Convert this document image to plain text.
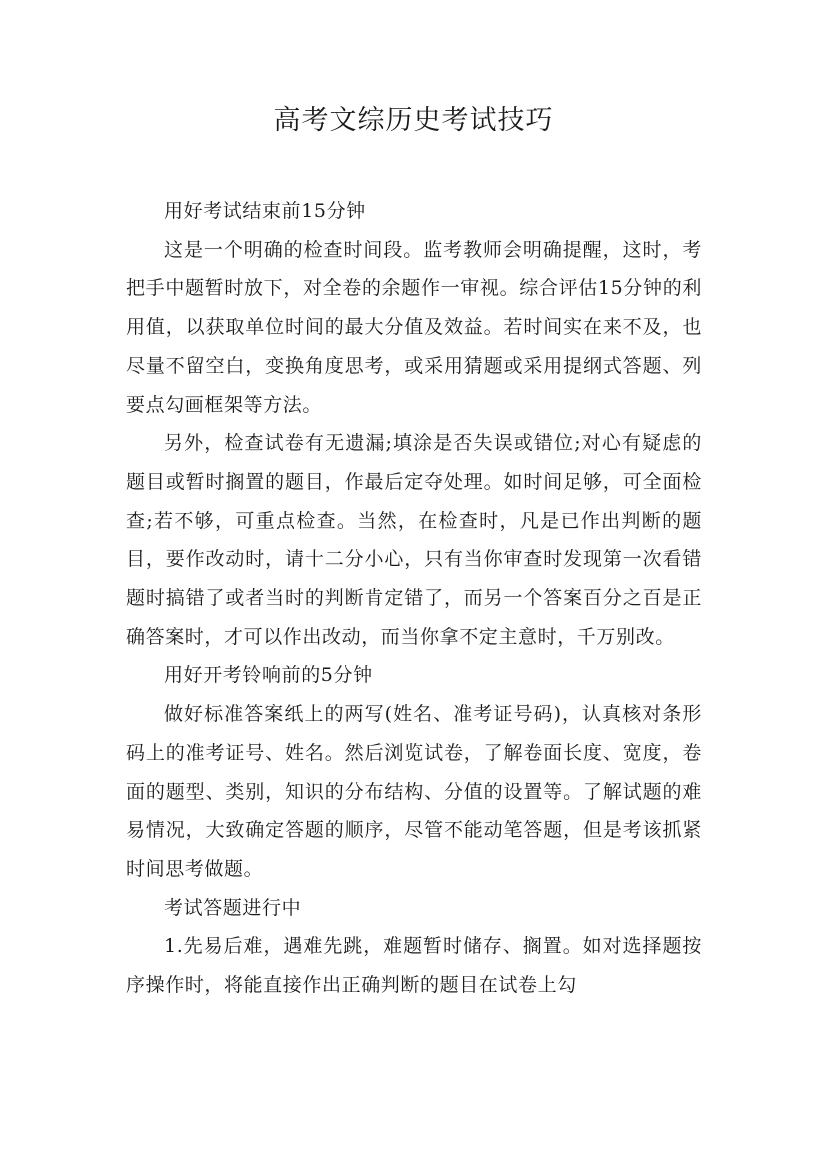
高考文综历史考试技巧

用好考试结束前15分钟

这是一个明确的检查时间段。监考教师会明确提醒，这时，考把手中题暂时放下，对全卷的余题作一审视。综合评估15分钟的利用值，以获取单位时间的最大分值及效益。若时间实在来不及，也尽量不留空白，变换角度思考，或采用猜题或采用提纲式答题、列要点勾画框架等方法。

另外，检查试卷有无遗漏;填涂是否失误或错位;对心有疑虑的题目或暂时搁置的题目，作最后定夺处理。如时间足够，可全面检查;若不够，可重点检查。当然，在检查时，凡是已作出判断的题目，要作改动时，请十二分小心，只有当你审查时发现第一次看错题时搞错了或者当时的判断肯定错了，而另一个答案百分之百是正确答案时，才可以作出改动，而当你拿不定主意时，千万别改。

用好开考铃响前的5分钟

做好标准答案纸上的两写(姓名、准考证号码)，认真核对条形码上的准考证号、姓名。然后浏览试卷，了解卷面长度、宽度，卷面的题型、类别，知识的分布结构、分值的设置等。了解试题的难易情况，大致确定答题的顺序，尽管不能动笔答题，但是考该抓紧时间思考做题。

考试答题进行中

1.先易后难，遇难先跳，难题暂时储存、搁置。如对选择题按序操作时，将能直接作出正确判断的题目在试卷上勾
